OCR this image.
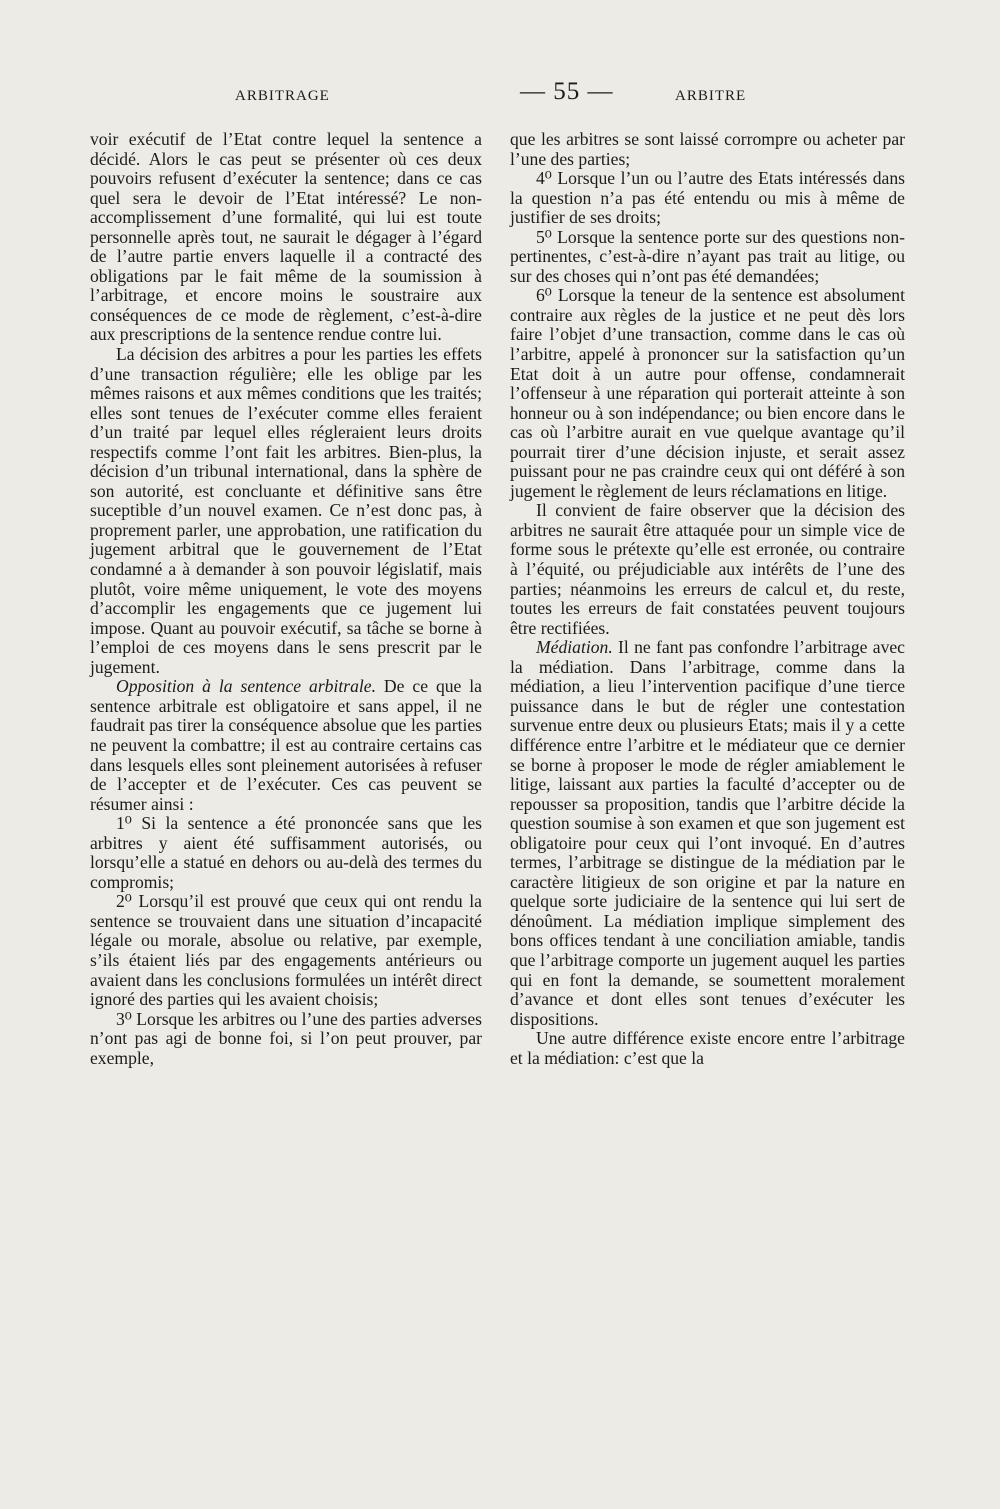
ARBITRAGE	— 55 —	ARBITRE

voir exécutif de l’Etat contre lequel la sentence a décidé. Alors le cas peut se présenter où ces deux pouvoirs refusent d’exécuter la sentence; dans ce cas quel sera le devoir de l’Etat intéressé? Le non-accomplissement d’une formalité, qui lui est toute personnelle après tout, ne saurait le dégager à l’égard de l’autre partie envers laquelle il a contracté des obligations par le fait même de la soumission à l’arbitrage, et encore moins le soustraire aux conséquences de ce mode de règlement, c’est-à-dire aux prescriptions de la sentence rendue contre lui.

La décision des arbitres a pour les parties les effets d’une transaction régulière; elle les oblige par les mêmes raisons et aux mêmes conditions que les traités; elles sont tenues de l’exécuter comme elles feraient d’un traité par lequel elles régleraient leurs droits respectifs comme l’ont fait les arbitres. Bien-plus, la décision d’un tribunal international, dans la sphère de son autorité, est concluante et définitive sans être suceptible d’un nouvel examen. Ce n’est donc pas, à proprement parler, une approbation, une ratification du jugement arbitral que le gouvernement de l’Etat condamné a à demander à son pouvoir législatif, mais plutôt, voire même uniquement, le vote des moyens d’accomplir les engagements que ce jugement lui impose. Quant au pouvoir exécutif, sa tâche se borne à l’emploi de ces moyens dans le sens prescrit par le jugement.

Opposition à la sentence arbitrale. De ce que la sentence arbitrale est obligatoire et sans appel, il ne faudrait pas tirer la conséquence absolue que les parties ne peuvent la combattre; il est au contraire certains cas dans lesquels elles sont pleinement autorisées à refuser de l’accepter et de l’exécuter. Ces cas peuvent se résumer ainsi :

1⁰ Si la sentence a été prononcée sans que les arbitres y aient été suffisamment autorisés, ou lorsqu’elle a statué en dehors ou au-delà des termes du compromis;

2⁰ Lorsqu’il est prouvé que ceux qui ont rendu la sentence se trouvaient dans une situation d’incapacité légale ou morale, absolue ou relative, par exemple, s’ils étaient liés par des engagements antérieurs ou avaient dans les conclusions formulées un intérêt direct ignoré des parties qui les avaient choisis;

3⁰ Lorsque les arbitres ou l’une des parties adverses n’ont pas agi de bonne foi, si l’on peut prouver, par exemple,

que les arbitres se sont laissé corrompre ou acheter par l’une des parties;

4⁰ Lorsque l’un ou l’autre des Etats intéressés dans la question n’a pas été entendu ou mis à même de justifier de ses droits;

5⁰ Lorsque la sentence porte sur des questions non-pertinentes, c’est-à-dire n’ayant pas trait au litige, ou sur des choses qui n’ont pas été demandées;

6⁰ Lorsque la teneur de la sentence est absolument contraire aux règles de la justice et ne peut dès lors faire l’objet d’une transaction, comme dans le cas où l’arbitre, appelé à prononcer sur la satisfaction qu’un Etat doit à un autre pour offense, condamnerait l’offenseur à une réparation qui porterait atteinte à son honneur ou à son indépendance; ou bien encore dans le cas où l’arbitre aurait en vue quelque avantage qu’il pourrait tirer d’une décision injuste, et serait assez puissant pour ne pas craindre ceux qui ont déféré à son jugement le règlement de leurs réclamations en litige.

Il convient de faire observer que la décision des arbitres ne saurait être attaquée pour un simple vice de forme sous le prétexte qu’elle est erronée, ou contraire à l’équité, ou préjudiciable aux intérêts de l’une des parties; néanmoins les erreurs de calcul et, du reste, toutes les erreurs de fait constatées peuvent toujours être rectifiées.

Médiation. Il ne fant pas confondre l’arbitrage avec la médiation. Dans l’arbitrage, comme dans la médiation, a lieu l’intervention pacifique d’une tierce puissance dans le but de régler une contestation survenue entre deux ou plusieurs Etats; mais il y a cette différence entre l’arbitre et le médiateur que ce dernier se borne à proposer le mode de régler amiablement le litige, laissant aux parties la faculté d’accepter ou de repousser sa proposition, tandis que l’arbitre décide la question soumise à son examen et que son jugement est obligatoire pour ceux qui l’ont invoqué. En d’autres termes, l’arbitrage se distingue de la médiation par le caractère litigieux de son origine et par la nature en quelque sorte judiciaire de la sentence qui lui sert de dénoûment. La médiation implique simplement des bons offices tendant à une conciliation amiable, tandis que l’arbitrage comporte un jugement auquel les parties qui en font la demande, se soumettent moralement d’avance et dont elles sont tenues d’exécuter les dispositions.

Une autre différence existe encore entre l’arbitrage et la médiation: c’est que la
